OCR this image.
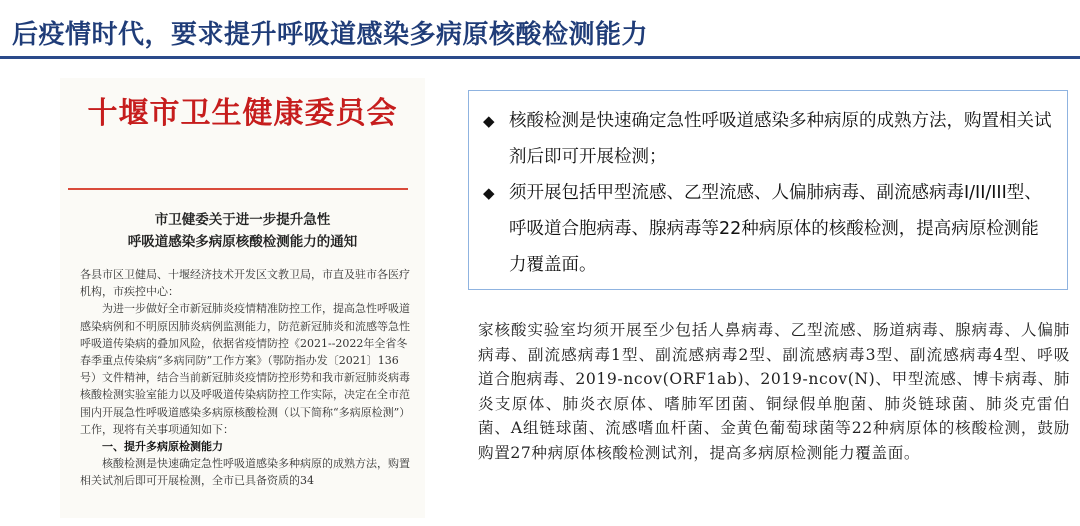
后疫情时代，要求提升呼吸道感染多病原核酸检测能力
十堰市卫生健康委员会
市卫健委关于进一步提升急性
呼吸道感染多病原核酸检测能力的通知

各县市区卫健局、十堰经济技术开发区文教卫局，市直及驻市各医疗机构，市疾控中心：

为进一步做好全市新冠肺炎疫情精准防控工作，提高急性呼吸道感染病例和不明原因肺炎病例监测能力，防范新冠肺炎和流感等急性呼吸道传染病的叠加风险，依据省疫情防控《2021--2022年全省冬春季重点传染病“多病同防”工作方案》（鄂防指办发〔2021〕136号）文件精神，结合当前新冠肺炎疫情防控形势和我市新冠肺炎病毒核酸检测实验室能力以及呼吸道传染病防控工作实际，决定在全市范围内开展急性呼吸道感染多病原核酸检测（以下简称“多病原检测”）工作，现将有关事项通知如下：

一、提升多病原检测能力

核酸检测是快速确定急性呼吸道感染多种病原的成熟方法，购置相关试剂后即可开展检测，全市已具备资质的34

◆ 核酸检测是快速确定急性呼吸道感染多种病原的成熟方法，购置相关试剂后即可开展检测；
◆ 须开展包括甲型流感、乙型流感、人偏肺病毒、副流感病毒I/II/III型、呼吸道合胞病毒、腺病毒等22种病原体的核酸检测，提高病原检测能力覆盖面。
家核酸实验室均须开展至少包括人鼻病毒、乙型流感、肠道病毒、腺病毒、人偏肺病毒、副流感病毒1型、副流感病毒2型、副流感病毒3型、副流感病毒4型、呼吸道合胞病毒、2019-ncov(ORF1ab)、2019-ncov(N)、甲型流感、博卡病毒、肺炎支原体、肺炎衣原体、嗜肺军团菌、铜绿假单胞菌、肺炎链球菌、肺炎克雷伯菌、A组链球菌、流感嗜血杆菌、金黄色葡萄球菌等22种病原体的核酸检测，鼓励购置27种病原体核酸检测试剂，提高多病原检测能力覆盖面。
